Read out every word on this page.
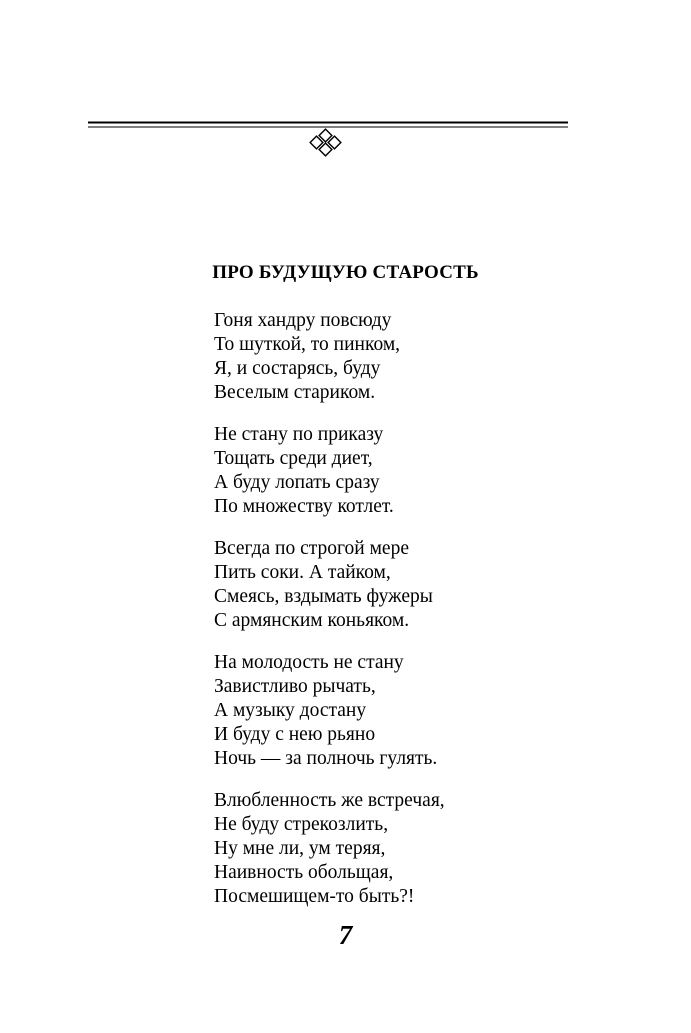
ПРО БУДУЩУЮ СТАРОСТЬ
Гоня хандру повсюду
То шуткой, то пинком,
Я, и состарясь, буду
Веселым стариком.
Не стану по приказу
Тощать среди диет,
А буду лопать сразу
По множеству котлет.
Всегда по строгой мере
Пить соки. А тайком,
Смеясь, вздымать фужеры
С армянским коньяком.
На молодость не стану
Завистливо рычать,
А музыку достану
И буду с нею рьяно
Ночь — за полночь гулять.
Влюбленность же встречая,
Не буду стрекозлить,
Ну мне ли, ум теряя,
Наивность обольщая,
Посмешищем-то быть?!
7
